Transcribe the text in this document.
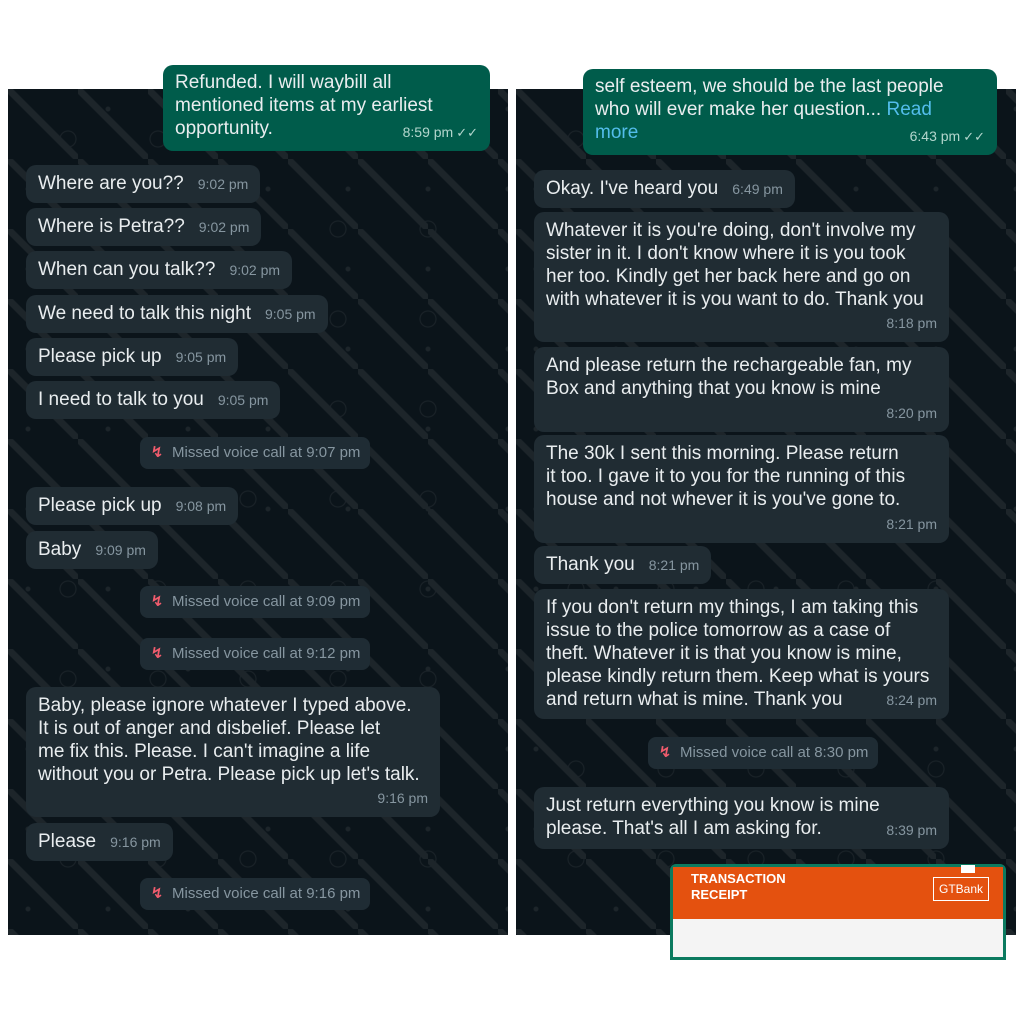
Refunded. I will waybill all
mentioned items at my earliest
opportunity.	8:59 pm ✓✓
Where are you?? 9:02 pm
Where is Petra?? 9:02 pm
When can you talk?? 9:02 pm
We need to talk this night 9:05 pm
Please pick up 9:05 pm
I need to talk to you 9:05 pm
↯ Missed voice call at 9:07 pm
Please pick up 9:08 pm
Baby 9:09 pm
↯ Missed voice call at 9:09 pm
↯ Missed voice call at 9:12 pm
Baby, please ignore whatever I typed above.
It is out of anger and disbelief. Please let
me fix this. Please. I can't imagine a life
without you or Petra. Please pick up let's talk.
9:16 pm
Please 9:16 pm
↯ Missed voice call at 9:16 pm
self esteem, we should be the last people
who will ever make her question... Read
more	6:43 pm ✓✓
Okay. I've heard you 6:49 pm
Whatever it is you're doing, don't involve my
sister in it. I don't know where it is you took
her too. Kindly get her back here and go on
with whatever it is you want to do. Thank you
8:18 pm
And please return the rechargeable fan, my
Box and anything that you know is mine
8:20 pm
The 30k I sent this morning. Please return
it too. I gave it to you for the running of this
house and not whever it is you've gone to.
8:21 pm
Thank you 8:21 pm
If you don't return my things, I am taking this
issue to the police tomorrow as a case of
theft. Whatever it is that you know is mine,
please kindly return them. Keep what is yours
and return what is mine. Thank you	8:24 pm
↯ Missed voice call at 8:30 pm
Just return everything you know is mine
please. That's all I am asking for.	8:39 pm
TRANSACTION
RECEIPT	GTBank
